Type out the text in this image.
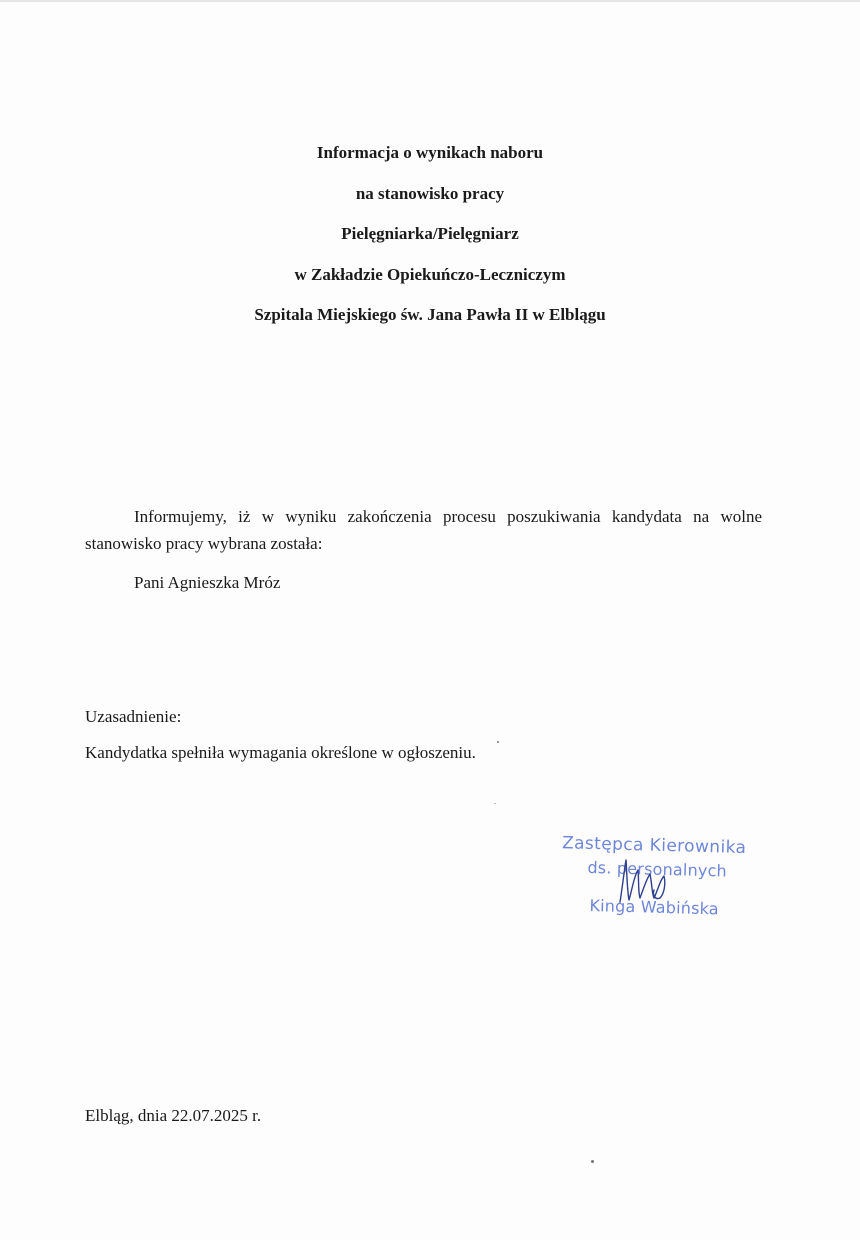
Informacja o wynikach naboru
na stanowisko pracy
Pielęgniarka/Pielęgniarz
w Zakładzie Opiekuńczo-Leczniczym
Szpitala Miejskiego św. Jana Pawła II w Elblągu
Informujemy, iż w wyniku zakończenia procesu poszukiwania kandydata na wolne stanowisko pracy wybrana została:
Pani Agnieszka Mróz
Uzasadnienie:
Kandydatka spełniła wymagania określone w ogłoszeniu.
Zastępca Kierownika
ds. personalnych
Kinga Wabińska
Elbląg, dnia 22.07.2025 r.
